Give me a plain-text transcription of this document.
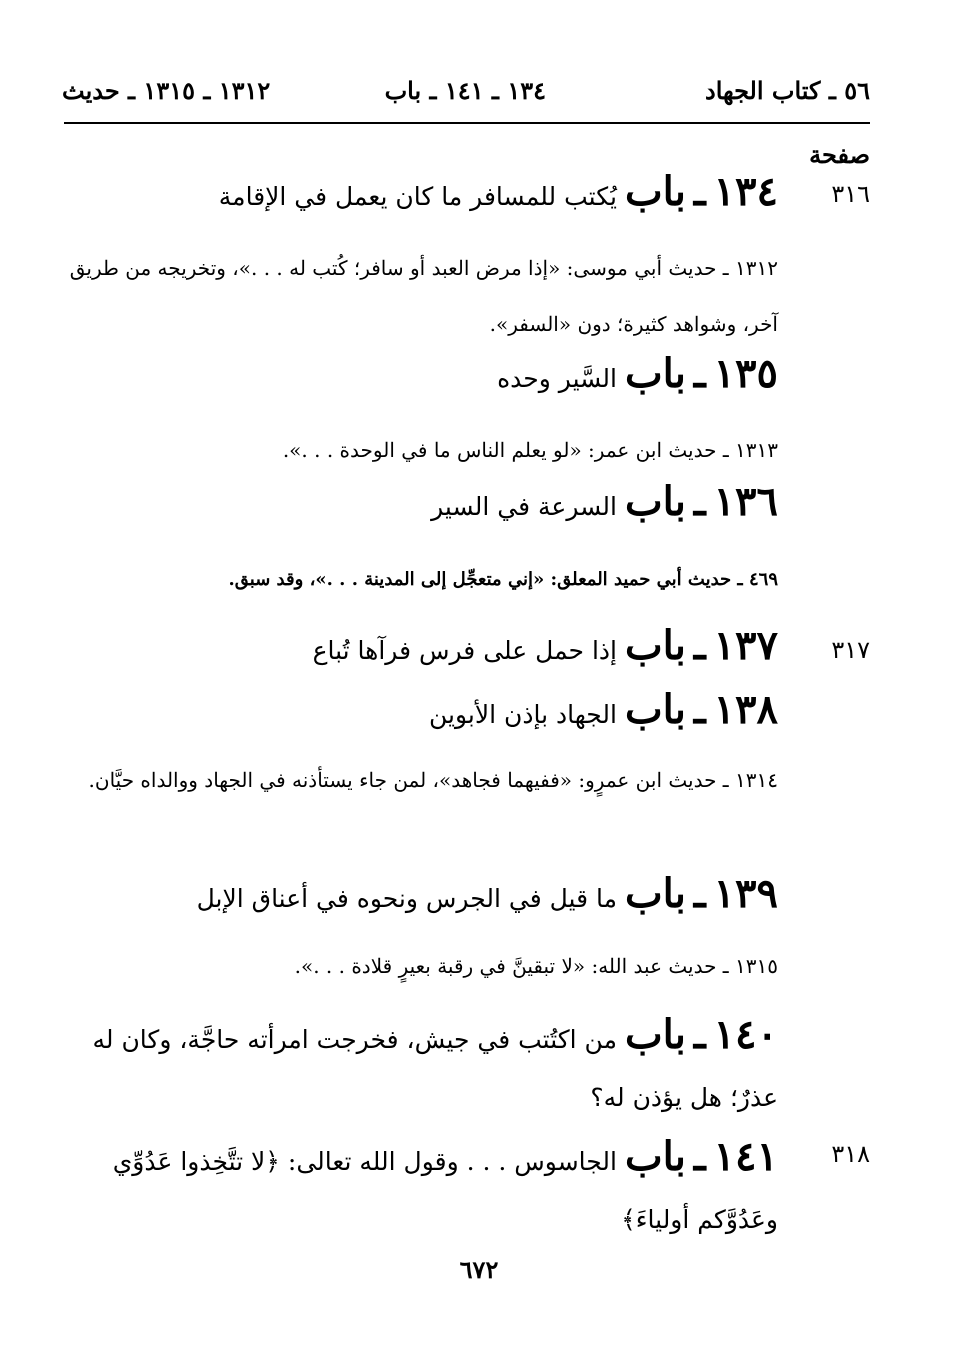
٥٦ ـ كتاب الجهاد
١٣٤ ـ ١٤١ ـ باب
١٣١٢ ـ ١٣١٥ ـ حديث
صفحة
٣١٦
٣١٧
٣١٨
١٣٤ ـ باب يُكتب للمسافر ما كان يعمل في الإقامة
١٣١٢ ـ حديث أبي موسى: «إذا مرض العبد أو سافر؛ كُتب له . . .»، وتخريجه من طريق آخر، وشواهد كثيرة؛ دون «السفر».
١٣٥ ـ باب السَّير وحده
١٣١٣ ـ حديث ابن عمر: «لو يعلم الناس ما في الوحدة . . .».
١٣٦ ـ باب السرعة في السير
٤٦٩ ـ حديث أبي حميد المعلق: «إني متعجِّل إلى المدينة . . .»، وقد سبق.
١٣٧ ـ باب إذا حمل على فرس فرآها تُباع
١٣٨ ـ باب الجهاد بإذن الأبوين
١٣١٤ ـ حديث ابن عمرٍو: «ففيهما فجاهد»، لمن جاء يستأذنه في الجهاد ووالداه حيَّان.
١٣٩ ـ باب ما قيل في الجرس ونحوه في أعناق الإبل
١٣١٥ ـ حديث عبد الله: «لا تبقينَّ في رقبة بعيرٍ قلادة . . .».
١٤٠ ـ باب من اكتُتب في جيش، فخرجت امرأته حاجَّة، وكان له عذرٌ؛ هل يؤذن له؟
١٤١ ـ باب الجاسوس . . . وقول الله تعالى: ﴿لا تتَّخِذوا عَدُوِّي وعَدُوَّكم أولياءَ﴾
٦٧٢
